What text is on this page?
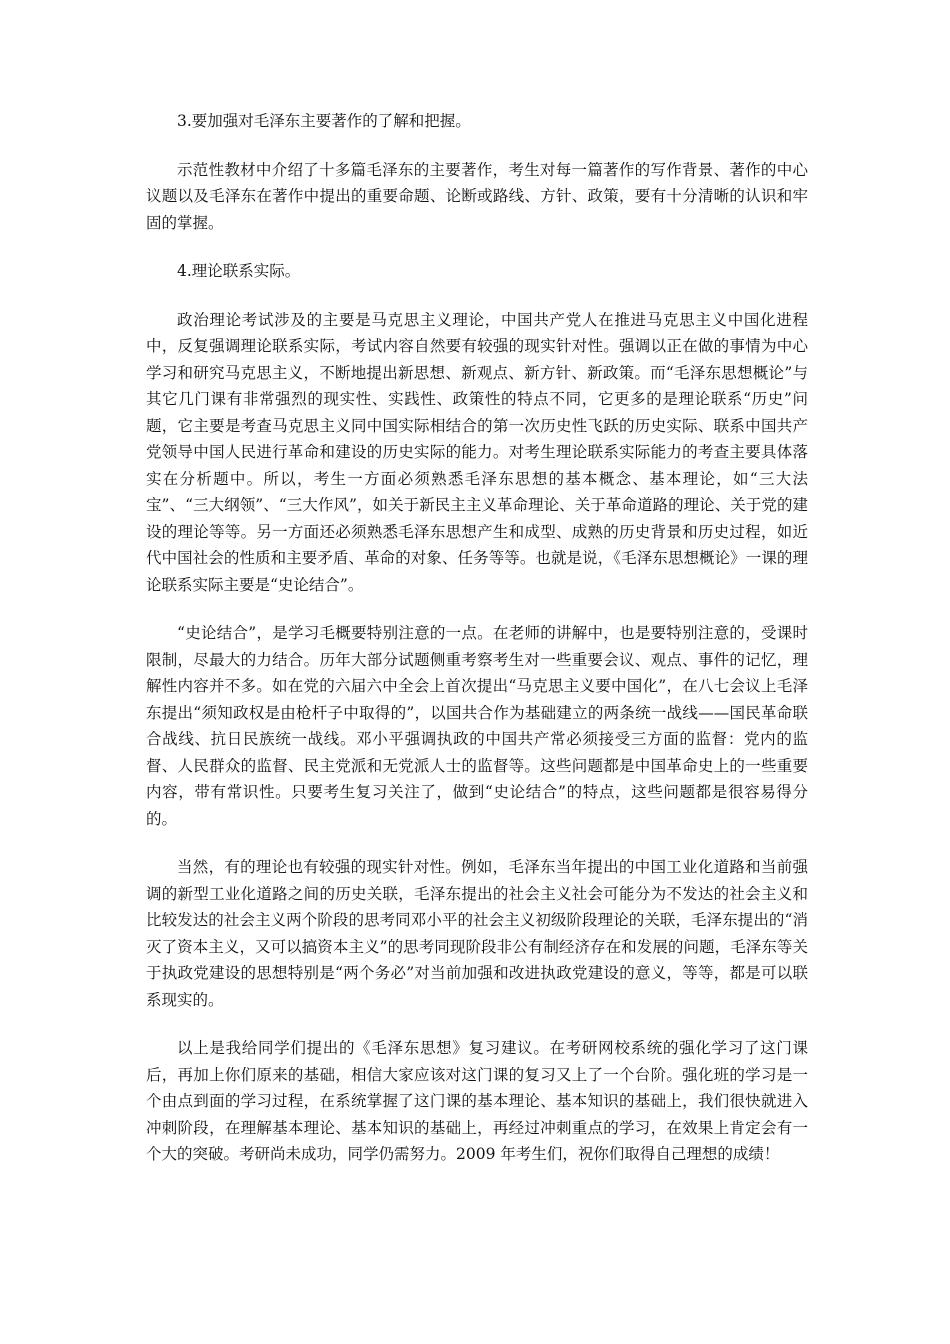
3.要加强对毛泽东主要著作的了解和把握。

示范性教材中介绍了十多篇毛泽东的主要著作，考生对每一篇著作的写作背景、著作的中心议题以及毛泽东在著作中提出的重要命题、论断或路线、方针、政策，要有十分清晰的认识和牢固的掌握。

4.理论联系实际。

政治理论考试涉及的主要是马克思主义理论，中国共产党人在推进马克思主义中国化进程中，反复强调理论联系实际，考试内容自然要有较强的现实针对性。强调以正在做的事情为中心学习和研究马克思主义，不断地提出新思想、新观点、新方针、新政策。而“毛泽东思想概论”与其它几门课有非常强烈的现实性、实践性、政策性的特点不同，它更多的是理论联系“历史”问题，它主要是考查马克思主义同中国实际相结合的第一次历史性飞跃的历史实际、联系中国共产党领导中国人民进行革命和建设的历史实际的能力。对考生理论联系实际能力的考查主要具体落实在分析题中。所以，考生一方面必须熟悉毛泽东思想的基本概念、基本理论，如“三大法宝”、“三大纲领”、“三大作风”，如关于新民主主义革命理论、关于革命道路的理论、关于党的建设的理论等等。另一方面还必须熟悉毛泽东思想产生和成型、成熟的历史背景和历史过程，如近代中国社会的性质和主要矛盾、革命的对象、任务等等。也就是说，《毛泽东思想概论》一课的理论联系实际主要是“史论结合”。

“史论结合”，是学习毛概要特别注意的一点。在老师的讲解中，也是要特别注意的，受课时限制，尽最大的力结合。历年大部分试题侧重考察考生对一些重要会议、观点、事件的记忆，理解性内容并不多。如在党的六届六中全会上首次提出“马克思主义要中国化”，在八七会议上毛泽东提出“须知政权是由枪杆子中取得的”，以国共合作为基础建立的两条统一战线——国民革命联合战线、抗日民族统一战线。邓小平强调执政的中国共产常必须接受三方面的监督：党内的监督、人民群众的监督、民主党派和无党派人士的监督等。这些问题都是中国革命史上的一些重要内容，带有常识性。只要考生复习关注了，做到“史论结合”的特点，这些问题都是很容易得分的。

当然，有的理论也有较强的现实针对性。例如，毛泽东当年提出的中国工业化道路和当前强调的新型工业化道路之间的历史关联，毛泽东提出的社会主义社会可能分为不发达的社会主义和比较发达的社会主义两个阶段的思考同邓小平的社会主义初级阶段理论的关联，毛泽东提出的“消灭了资本主义，又可以搞资本主义”的思考同现阶段非公有制经济存在和发展的问题，毛泽东等关于执政党建设的思想特别是“两个务必”对当前加强和改进执政党建设的意义，等等，都是可以联系现实的。

以上是我给同学们提出的《毛泽东思想》复习建议。在考研网校系统的强化学习了这门课后，再加上你们原来的基础，相信大家应该对这门课的复习又上了一个台阶。强化班的学习是一个由点到面的学习过程，在系统掌握了这门课的基本理论、基本知识的基础上，我们很快就进入冲刺阶段，在理解基本理论、基本知识的基础上，再经过冲刺重点的学习，在效果上肯定会有一个大的突破。考研尚未成功，同学仍需努力。2009 年考生们，祝你们取得自己理想的成绩！
